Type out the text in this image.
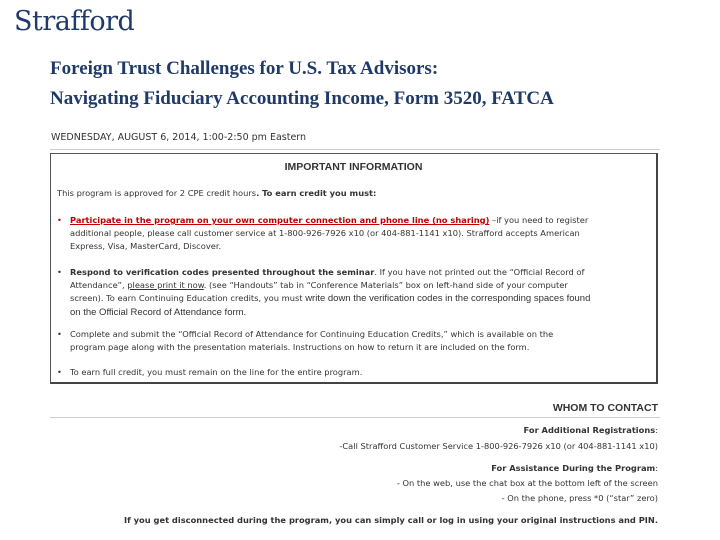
Strafford
Foreign Trust Challenges for U.S. Tax Advisors:
Navigating Fiduciary Accounting Income, Form 3520, FATCA
WEDNESDAY, AUGUST 6, 2014, 1:00-2:50 pm Eastern
IMPORTANT INFORMATION
This program is approved for 2 CPE credit hours. To earn credit you must:
• Participate in the program on your own computer connection and phone line (no sharing) –if you need to register
additional people, please call customer service at 1-800-926-7926 x10 (or 404-881-1141 x10). Strafford accepts American
Express, Visa, MasterCard, Discover.
• Respond to verification codes presented throughout the seminar. If you have not printed out the “Official Record of
Attendance”, please print it now. (see “Handouts” tab in “Conference Materials” box on left-hand side of your computer
screen). To earn Continuing Education credits, you must write down the verification codes in the corresponding spaces found
on the Official Record of Attendance form.
• Complete and submit the “Official Record of Attendance for Continuing Education Credits,” which is available on the
program page along with the presentation materials. Instructions on how to return it are included on the form.
• To earn full credit, you must remain on the line for the entire program.
WHOM TO CONTACT
For Additional Registrations:
-Call Strafford Customer Service 1-800-926-7926 x10 (or 404-881-1141 x10)
For Assistance During the Program:
- On the web, use the chat box at the bottom left of the screen
- On the phone, press *0 (“star” zero)
If you get disconnected during the program, you can simply call or log in using your original instructions and PIN.
